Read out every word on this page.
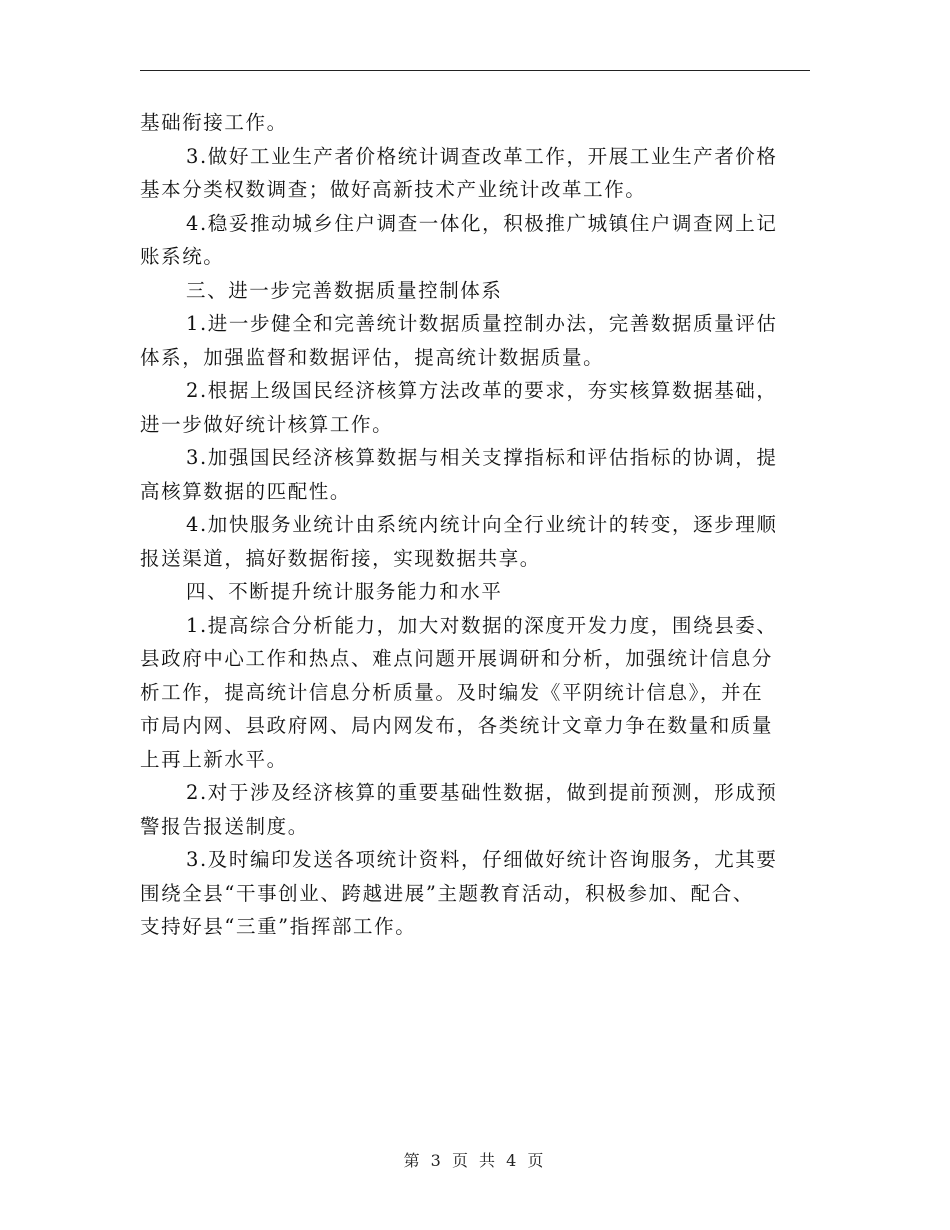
基础衔接工作。
3.做好工业生产者价格统计调查改革工作，开展工业生产者价格
基本分类权数调查；做好高新技术产业统计改革工作。
4.稳妥推动城乡住户调查一体化，积极推广城镇住户调查网上记
账系统。
三、进一步完善数据质量控制体系
1.进一步健全和完善统计数据质量控制办法，完善数据质量评估
体系，加强监督和数据评估，提高统计数据质量。
2.根据上级国民经济核算方法改革的要求，夯实核算数据基础，
进一步做好统计核算工作。
3.加强国民经济核算数据与相关支撑指标和评估指标的协调，提
高核算数据的匹配性。
4.加快服务业统计由系统内统计向全行业统计的转变，逐步理顺
报送渠道，搞好数据衔接，实现数据共享。
四、不断提升统计服务能力和水平
1.提高综合分析能力，加大对数据的深度开发力度，围绕县委、
县政府中心工作和热点、难点问题开展调研和分析，加强统计信息分
析工作，提高统计信息分析质量。及时编发《平阴统计信息》，并在
市局内网、县政府网、局内网发布，各类统计文章力争在数量和质量
上再上新水平。
2.对于涉及经济核算的重要基础性数据，做到提前预测，形成预
警报告报送制度。
3.及时编印发送各项统计资料，仔细做好统计咨询服务，尤其要
围绕全县“干事创业、跨越进展”主题教育活动，积极参加、配合、
支持好县“三重”指挥部工作。
第 3 页 共 4 页
